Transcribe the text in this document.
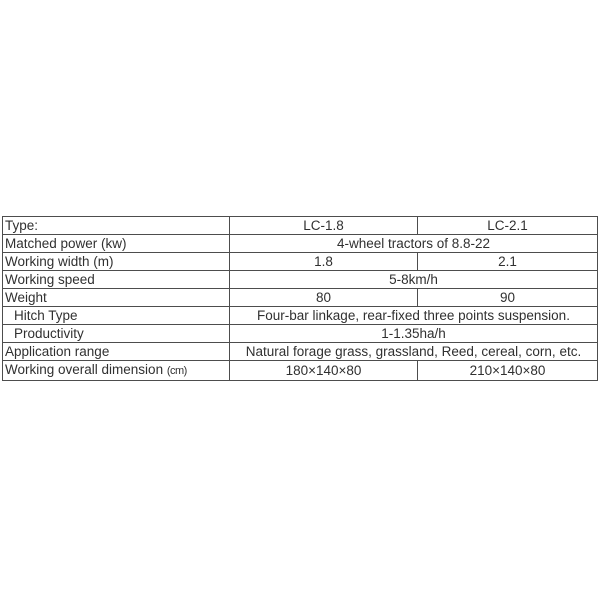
Type:	LC-1.8	LC-2.1
Matched power (kw)	4-wheel tractors of 8.8-22	
Working width (m)	1.8	2.1
Working speed	5-8km/h	
Weight	80	90
Hitch Type	Four-bar linkage, rear-fixed three points suspension.	
Productivity	1-1.35ha/h	
Application range	Natural forage grass, grassland, Reed, cereal, corn, etc.	
Working overall dimension (cm)	180×140×80	210×140×80
